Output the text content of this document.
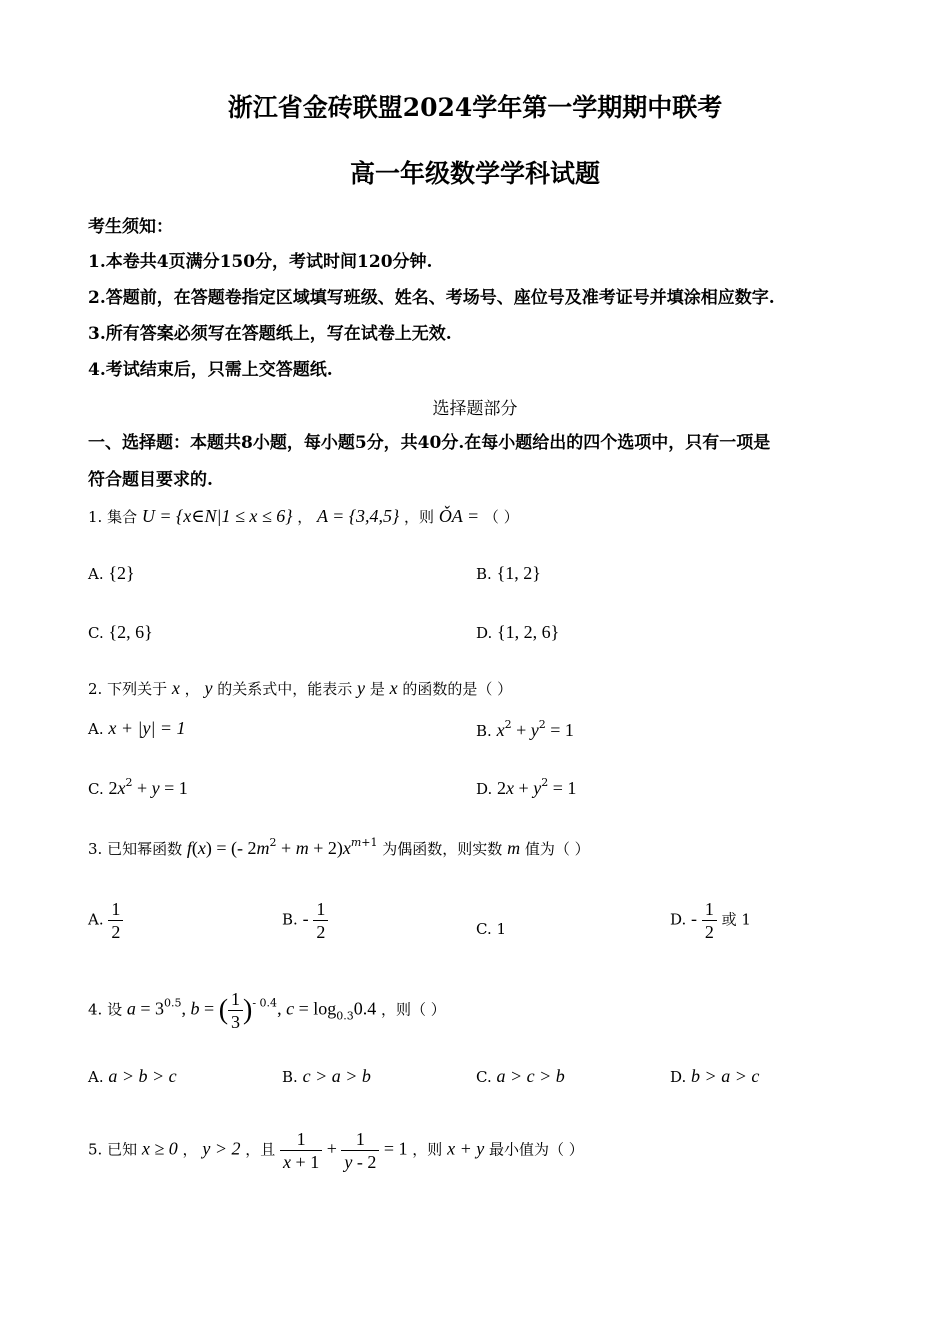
浙江省金砖联盟2024学年第一学期期中联考
高一年级数学学科试题
考生须知：
1.本卷共4页满分150分，考试时间120分钟.
2.答题前，在答题卷指定区域填写班级、姓名、考场号、座位号及准考证号并填涂相应数字.
3.所有答案必须写在答题纸上，写在试卷上无效.
4.考试结束后，只需上交答题纸.
选择题部分
一、选择题：本题共8小题，每小题5分，共40分.在每小题给出的四个选项中，只有一项是
符合题目要求的.
1. 集合 U = {x∈N|1 ≤ x ≤ 6} ， A = {3,4,5} ，则 ǑA = （ ）
A. {2}	B. {1, 2}
C. {2, 6}	D. {1, 2, 6}
2. 下列关于 x ， y 的关系式中，能表示 y 是 x 的函数的是（ ）
A. x + |y| = 1	B. $x^2 + y^2 = 1$
C. $2x^2 + y = 1$	D. $2x + y^2 = 1$
3. 已知幂函数 f(x) = (- $2m^2 + m + 2)x^{m+1}$ 为偶函数，则实数 m 值为（ ）
A. $\frac{1}{2}$	B. - $\frac{1}{2}$	C. 1
D. - $\frac{1}{2}$ 或 1
4. 设 $a = 3^{0.5}$, b = ( $\frac{1}{3} )^{- 0.4}$, $c = \log_{0.3}0.4$ ，则（ ）
A. a > b > c	B. c > a > b	C. a > c > b	D. b > a > c
5. 已知 x ≥ 0 ， y > 2 ，且 $\frac{1}{x + 1} + \frac{1}{y - 2} = 1$ ，则 x + y 最小值为（ ）
